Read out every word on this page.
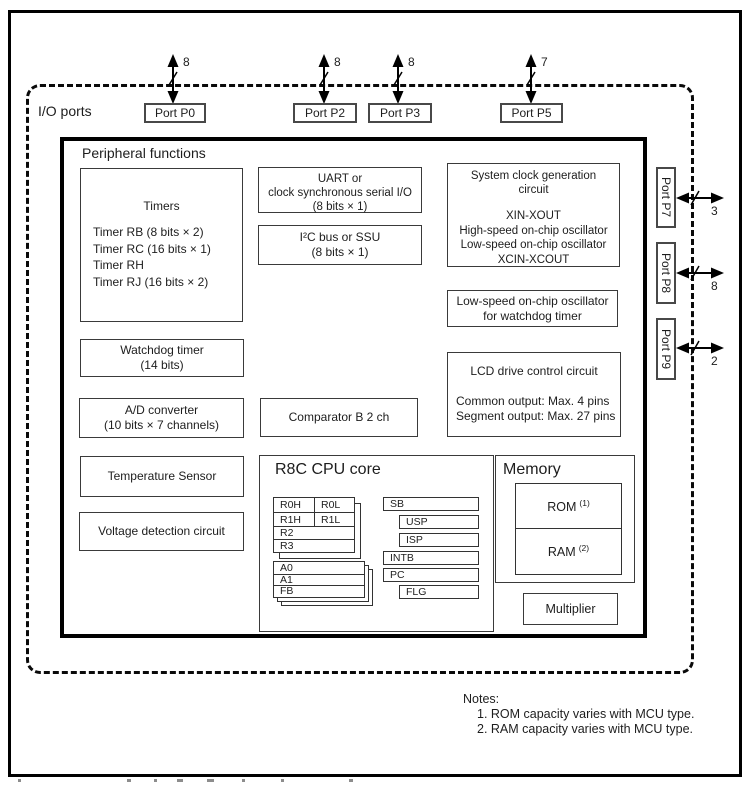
I/O ports
8
Port P0
8
Port P2
8
Port P3
7
Port P5
Port P7	3
Port P8	8
Port P9	2
Peripheral functions
Timers
Timer RB (8 bits × 2)
Timer RC (16 bits × 1)
Timer RH
Timer RJ (16 bits × 2)
UART or
clock synchronous serial I/O
(8 bits × 1)
I²C bus or SSU
(8 bits × 1)
System clock generation
circuit
XIN-XOUT
High-speed on-chip oscillator
Low-speed on-chip oscillator
XCIN-XCOUT
Low-speed on-chip oscillator
for watchdog timer
Watchdog timer
(14 bits)
A/D converter
(10 bits × 7 channels)
Comparator B 2 ch
LCD drive control circuit
Common output: Max. 4 pins
Segment output: Max. 27 pins
Temperature Sensor
Voltage detection circuit
R8C CPU core
R0H	R0L
R1H	R1L
R2
R3
A0
A1
FB
SB
USP
ISP
INTB
PC
FLG
Memory
ROM $^{(1)}$
RAM $^{(2)}$
Multiplier
Notes:
1. ROM capacity varies with MCU type.
2. RAM capacity varies with MCU type.
